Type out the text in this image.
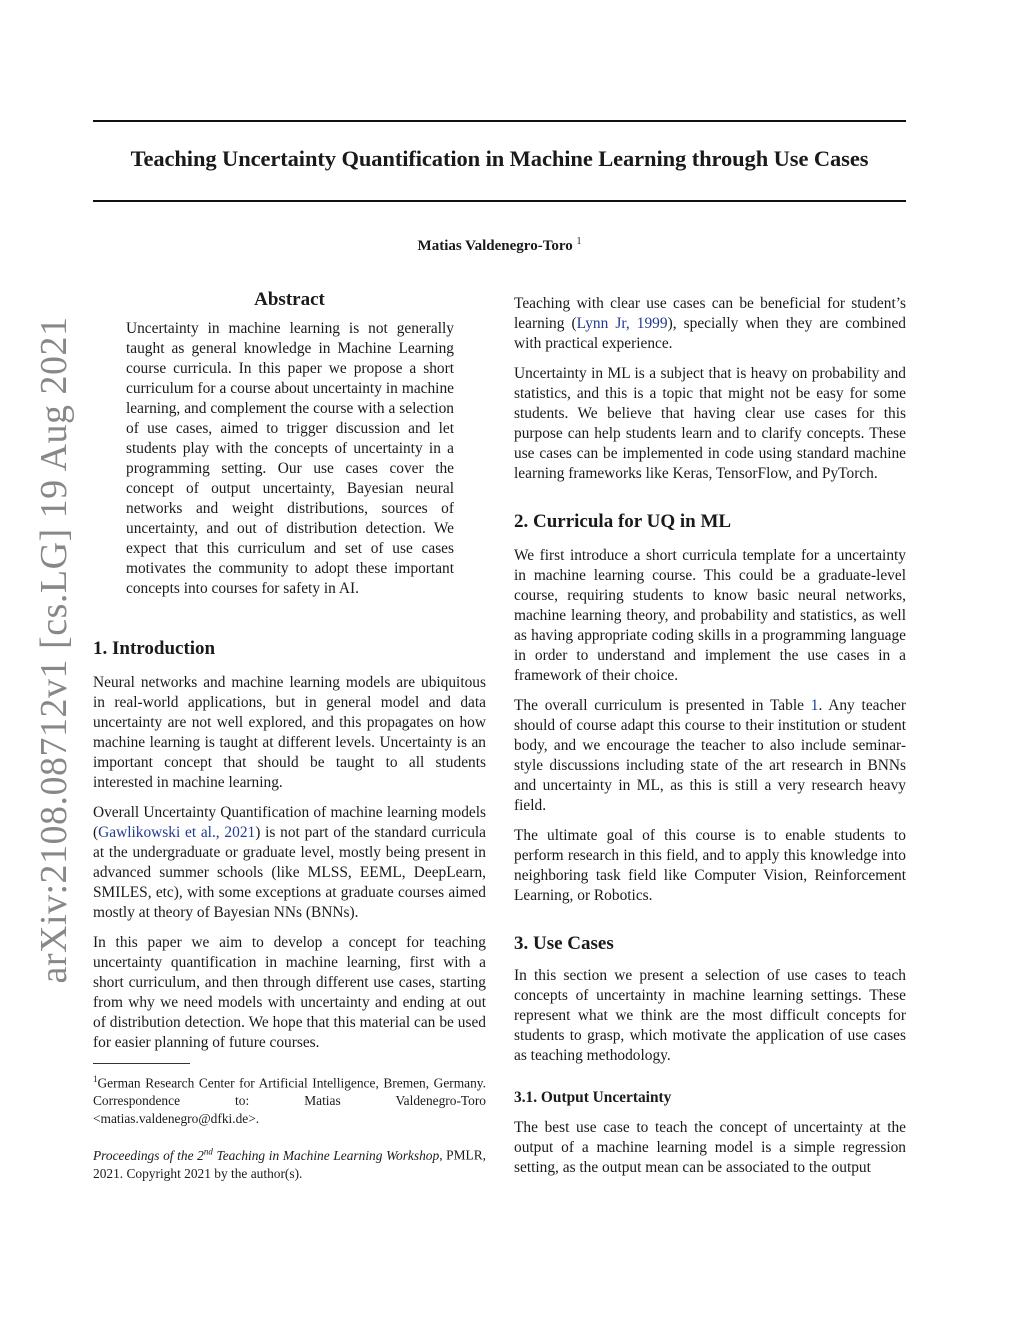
Teaching Uncertainty Quantification in Machine Learning through Use Cases
Matias Valdenegro-Toro $^1$
arXiv:2108.08712v1 [cs.LG] 19 Aug 2021
Abstract

Uncertainty in machine learning is not generally taught as general knowledge in Machine Learning course curricula. In this paper we propose a short curriculum for a course about uncertainty in machine learning, and complement the course with a selection of use cases, aimed to trigger discussion and let students play with the concepts of uncertainty in a programming setting. Our use cases cover the concept of output uncertainty, Bayesian neural networks and weight distributions, sources of uncertainty, and out of distribution detection. We expect that this curriculum and set of use cases motivates the community to adopt these important concepts into courses for safety in AI.

1. Introduction

Neural networks and machine learning models are ubiquitous in real-world applications, but in general model and data uncertainty are not well explored, and this propagates on how machine learning is taught at different levels. Uncertainty is an important concept that should be taught to all students interested in machine learning.

Overall Uncertainty Quantification of machine learning models (Gawlikowski et al., 2021) is not part of the standard curricula at the undergraduate or graduate level, mostly being present in advanced summer schools (like MLSS, EEML, DeepLearn, SMILES, etc), with some exceptions at graduate courses aimed mostly at theory of Bayesian NNs (BNNs).

In this paper we aim to develop a concept for teaching uncertainty quantification in machine learning, first with a short curriculum, and then through different use cases, starting from why we need models with uncertainty and ending at out of distribution detection. We hope that this material can be used for easier planning of future courses.

$^1$German Research Center for Artificial Intelligence, Bremen, Germany. Correspondence to: Matias Valdenegro-Toro <matias.valdenegro@dfki.de>.

Proceedings of the 2nd Teaching in Machine Learning Workshop, PMLR, 2021. Copyright 2021 by the author(s).

Teaching with clear use cases can be beneficial for student’s learning (Lynn Jr, 1999), specially when they are combined with practical experience.

Uncertainty in ML is a subject that is heavy on probability and statistics, and this is a topic that might not be easy for some students. We believe that having clear use cases for this purpose can help students learn and to clarify concepts. These use cases can be implemented in code using standard machine learning frameworks like Keras, TensorFlow, and PyTorch.

2. Curricula for UQ in ML

We first introduce a short curricula template for a uncertainty in machine learning course. This could be a graduate-level course, requiring students to know basic neural networks, machine learning theory, and probability and statistics, as well as having appropriate coding skills in a programming language in order to understand and implement the use cases in a framework of their choice.

The overall curriculum is presented in Table 1. Any teacher should of course adapt this course to their institution or student body, and we encourage the teacher to also include seminar-style discussions including state of the art research in BNNs and uncertainty in ML, as this is still a very research heavy field.

The ultimate goal of this course is to enable students to perform research in this field, and to apply this knowledge into neighboring task field like Computer Vision, Reinforcement Learning, or Robotics.

3. Use Cases

In this section we present a selection of use cases to teach concepts of uncertainty in machine learning settings. These represent what we think are the most difficult concepts for students to grasp, which motivate the application of use cases as teaching methodology.

3.1. Output Uncertainty

The best use case to teach the concept of uncertainty at the output of a machine learning model is a simple regression setting, as the output mean can be associated to the output
